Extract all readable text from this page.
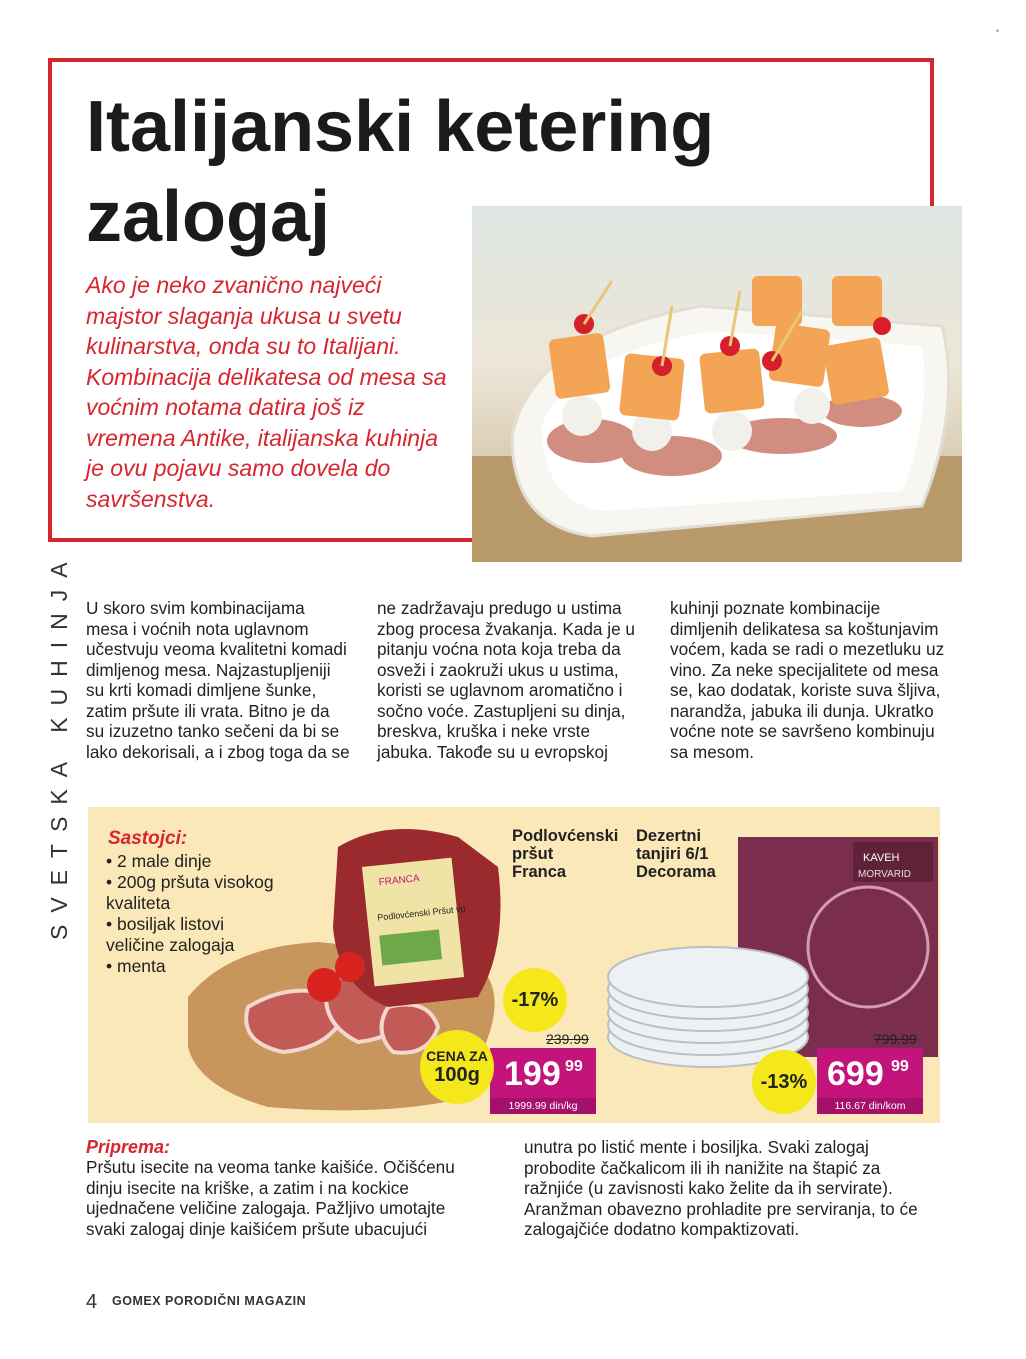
•
Italijanski ketering zalogaj

Ako je neko zvanično najveći majstor slaganja ukusa u svetu kulinarstva, onda su to Italijani. Kombinacija delikatesa od mesa sa voćnim notama datira još iz vremena Antike, italijanska kuhinja je ovu pojavu samo dovela do savršenstva.

SVETSKA KUHINJA U skoro svim kombinacijama mesa i voćnih nota uglavnom učestvuju veoma kvalitetni komadi dimljenog mesa. Najzastupljeniji su krti komadi dimljene šunke, zatim pršute ili vrata. Bitno je da su izuzetno tanko sečeni da bi se lako dekorisali, a i zbog toga da se

ne zadržavaju predugo u ustima zbog procesa žvakanja. Kada je u pitanju voćna nota koja treba da osveži i zaokruži ukus u ustima, koristi se uglavnom aromatično i sočno voće. Zastupljeni su dinja, breskva, kruška i neke vrste jabuka. Takođe su u evropskoj

kuhinji poznate kombinacije dimljenih delikatesa sa koštunjavim voćem, kada se radi o mezetluku uz vino. Za neke specijalitete od mesa se, kao dodatak, koriste suva šljiva, narandža, jabuka ili dunja. Ukratko voćne note se savršeno kombinuju sa mesom.

FRANCA
Podlovćenski Pršut vp
KAVEH
MORVARID
Sastojci:
• 2 male dinje
• 200g pršuta visokog kvaliteta
• bosiljak listovi veličine zalogaja
• menta
Podlovćenski
pršut
Franca
-17%
239.99
199 99
1999.99 din/kg
CENA ZA
100g
Dezertni
tanjiri 6/1
Decorama
-13%
799.99
699 99
116.67 din/kom
Priprema:

Pršutu isecite na veoma tanke kaišiće. Očišćenu dinju isecite na kriške, a zatim i na kockice ujednačene veličine zalogaja. Pažljivo umotajte svaki zalogaj dinje kaišićem pršute ubacujući

unutra po listić mente i bosiljka. Svaki zalogaj probodite čačkalicom ili ih nanižite na štapić za ražnjiće (u zavisnosti kako želite da ih servirate). Aranžman obavezno prohladite pre serviranja, to će zalogajčiće dodatno kompaktizovati.

4 GOMEX PORODIČNI MAGAZIN
